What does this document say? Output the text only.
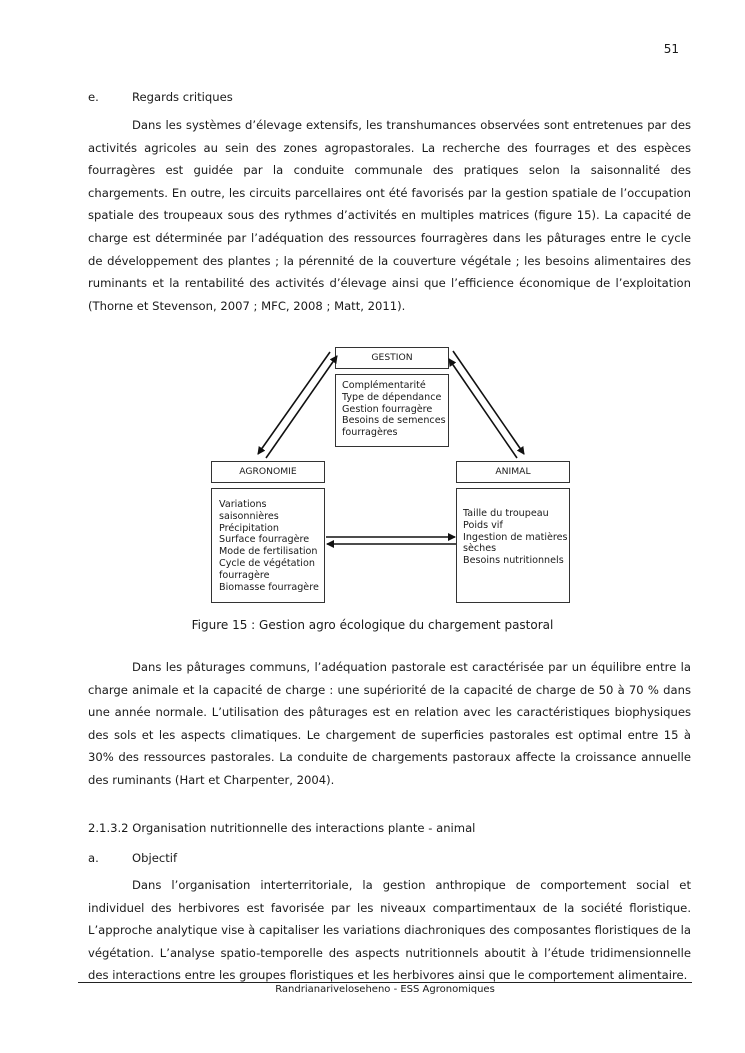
51
e.	Regards critiques

Dans les systèmes d’élevage extensifs, les transhumances observées sont entretenues par des activités agricoles au sein des zones agropastorales. La recherche des fourrages et des espèces fourragères est guidée par la conduite communale des pratiques selon la saisonnalité des chargements. En outre, les circuits parcellaires ont été favorisés par la gestion spatiale de l’occupation spatiale des troupeaux sous des rythmes d’activités en multiples matrices (figure 15). La capacité de charge est déterminée par l’adéquation des ressources fourragères dans les pâturages entre le cycle de développement des plantes ; la pérennité de la couverture végétale ; les besoins alimentaires des ruminants et la rentabilité des activités d’élevage ainsi que l’efficience économique de l’exploitation (Thorne et Stevenson, 2007 ; MFC, 2008 ; Matt, 2011).

GESTION
Complémentarité
Type de dépendance
Gestion fourragère
Besoins de semences
fourragères
AGRONOMIE
Variations
saisonnières
Précipitation
Surface fourragère
Mode de fertilisation
Cycle de végétation
fourragère
Biomasse fourragère
ANIMAL
Taille du troupeau
Poids vif
Ingestion de matières
sèches
Besoins nutritionnels
Figure 15 : Gestion agro écologique du chargement pastoral

Dans les pâturages communs, l’adéquation pastorale est caractérisée par un équilibre entre la charge animale et la capacité de charge : une supériorité de la capacité de charge de 50 à 70 % dans une année normale. L’utilisation des pâturages est en relation avec les caractéristiques biophysiques des sols et les aspects climatiques. Le chargement de superficies pastorales est optimal entre 15 à 30% des ressources pastorales. La conduite de chargements pastoraux affecte la croissance annuelle des ruminants (Hart et Charpenter, 2004).

2.1.3.2 Organisation nutritionnelle des interactions plante - animal
a.	Objectif

Dans l’organisation interterritoriale, la gestion anthropique de comportement social et individuel des herbivores est favorisée par les niveaux compartimentaux de la société floristique. L’approche analytique vise à capitaliser les variations diachroniques des composantes floristiques de la végétation. L’analyse spatio-temporelle des aspects nutritionnels aboutit à l’étude tridimensionnelle des interactions entre les groupes floristiques et les herbivores ainsi que le comportement alimentaire.

Randrianariveloseheno - ESS Agronomiques
